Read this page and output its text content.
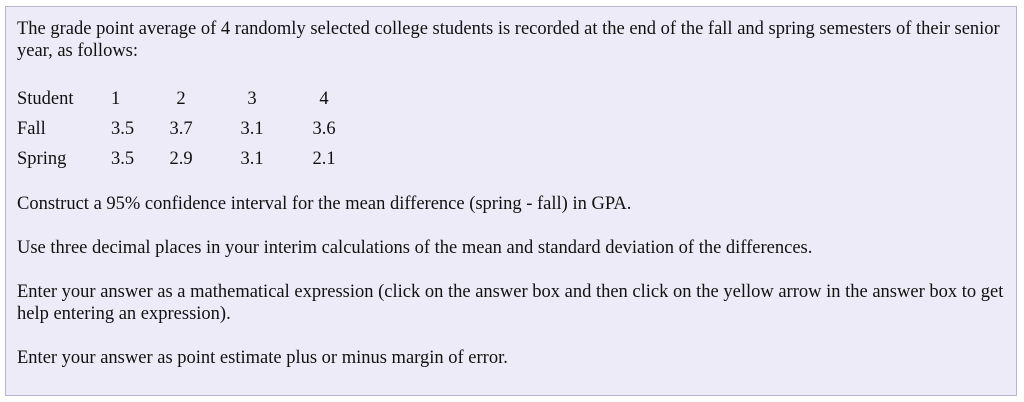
The grade point average of 4 randomly selected college students is recorded at the end of the fall and spring semesters of their senior year, as follows:

Student	1	2	3	4
Fall	3.5	3.7	3.1	3.6
Spring	3.5	2.9	3.1	2.1

Construct a 95% confidence interval for the mean difference (spring - fall) in GPA.

Use three decimal places in your interim calculations of the mean and standard deviation of the differences.

Enter your answer as a mathematical expression (click on the answer box and then click on the yellow arrow in the answer box to get help entering an expression).

Enter your answer as point estimate plus or minus margin of error.
